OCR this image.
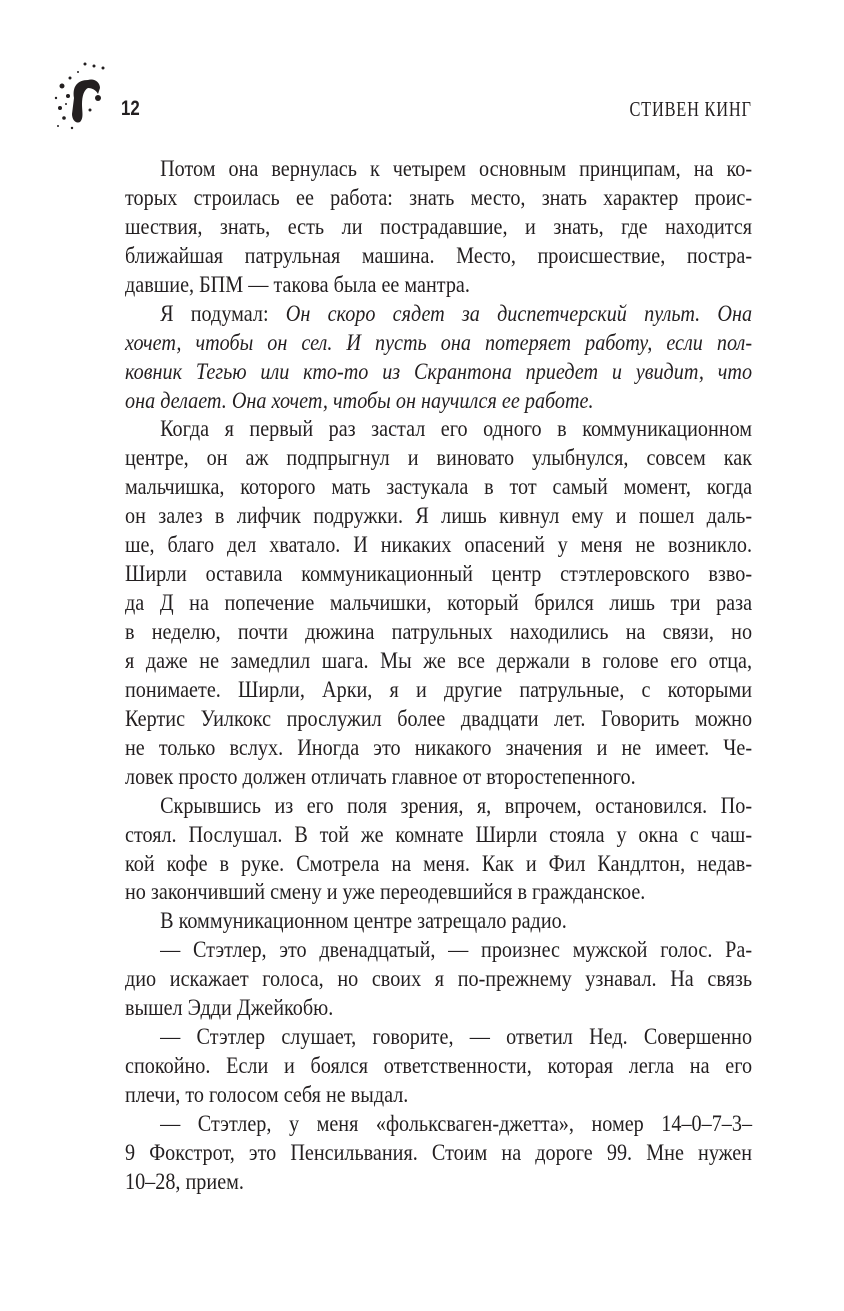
12	СТИВЕН КИНГ
Потом она вернулась к четырем основным принципам, на ко-
торых строилась ее работа: знать место, знать характер проис-
шествия, знать, есть ли пострадавшие, и знать, где находится
ближайшая патрульная машина. Место, происшествие, постра-
давшие, БПМ — такова была ее мантра.
Я подумал: Он скоро сядет за диспетчерский пульт. Она
хочет, чтобы он сел. И пусть она потеряет работу, если пол-
ковник Тегью или кто-то из Скрантона приедет и увидит, что
она делает. Она хочет, чтобы он научился ее работе.
Когда я первый раз застал его одного в коммуникационном
центре, он аж подпрыгнул и виновато улыбнулся, совсем как
мальчишка, которого мать застукала в тот самый момент, когда
он залез в лифчик подружки. Я лишь кивнул ему и пошел даль-
ше, благо дел хватало. И никаких опасений у меня не возникло.
Ширли оставила коммуникационный центр стэтлеровского взво-
да Д на попечение мальчишки, который брился лишь три раза
в неделю, почти дюжина патрульных находились на связи, но
я даже не замедлил шага. Мы же все держали в голове его отца,
понимаете. Ширли, Арки, я и другие патрульные, с которыми
Кертис Уилкокс прослужил более двадцати лет. Говорить можно
не только вслух. Иногда это никакого значения и не имеет. Че-
ловек просто должен отличать главное от второстепенного.
Скрывшись из его поля зрения, я, впрочем, остановился. По-
стоял. Послушал. В той же комнате Ширли стояла у окна с чаш-
кой кофе в руке. Смотрела на меня. Как и Фил Кандлтон, недав-
но закончивший смену и уже переодевшийся в гражданское.
В коммуникационном центре затрещало радио.
— Стэтлер, это двенадцатый, — произнес мужской голос. Ра-
дио искажает голоса, но своих я по-прежнему узнавал. На связь
вышел Эдди Джейкобю.
— Стэтлер слушает, говорите, — ответил Нед. Совершенно
спокойно. Если и боялся ответственности, которая легла на его
плечи, то голосом себя не выдал.
— Стэтлер, у меня «фольксваген-джетта», номер 14–0–7–3–
9 Фокстрот, это Пенсильвания. Стоим на дороге 99. Мне нужен
10–28, прием.
